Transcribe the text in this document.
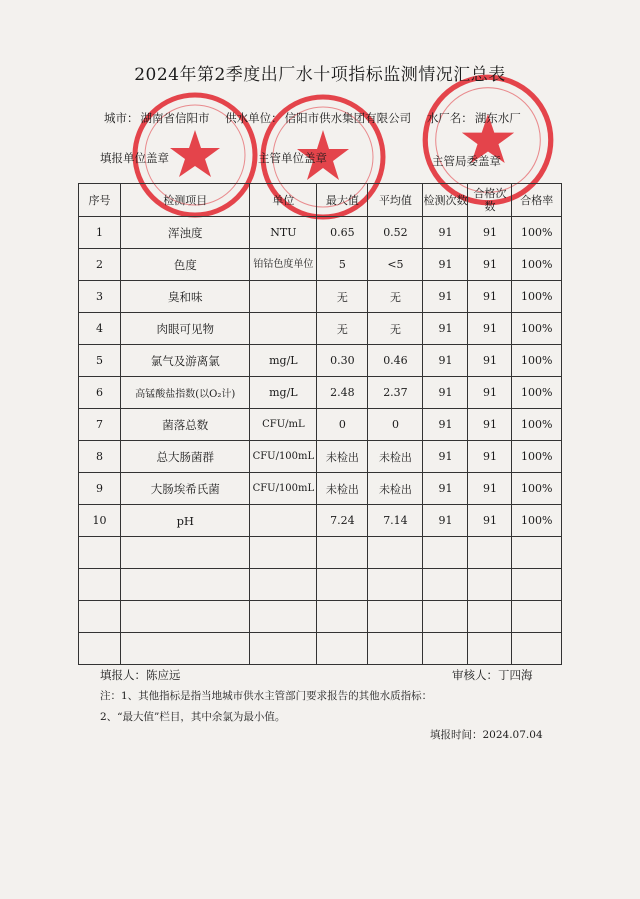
2024年第2季度出厂水十项指标监测情况汇总表
城市： 湖南省信阳市 供水单位： 信阳市供水集团有限公司 水厂名： 湖东水厂
填报单位盖章	主管单位盖章	主管局委盖章
序号	检测项目	单位	最大值	平均值	检测次数	合格次数	合格率
1	浑浊度	NTU	0.65	0.52	91	91	100%
2	色度	铂钴色度单位	5	<5	91	91	100%
3	臭和味		无	无	91	91	100%
4	肉眼可见物		无	无	91	91	100%
5	氯气及游离氯	mg/L	0.30	0.46	91	91	100%
6	高锰酸盐指数(以O₂计)	mg/L	2.48	2.37	91	91	100%
7	菌落总数	CFU/mL	0	0	91	91	100%
8	总大肠菌群	CFU/100mL	未检出	未检出	91	91	100%
9	大肠埃希氏菌	CFU/100mL	未检出	未检出	91	91	100%
10	pH		7.24	7.14	91	91	100%

填报人：陈应远	审核人：丁四海
注：1、其他指标是指当地城市供水主管部门要求报告的其他水质指标：
2、“最大值”栏目，其中余氯为最小值。
填报时间：2024.07.04
